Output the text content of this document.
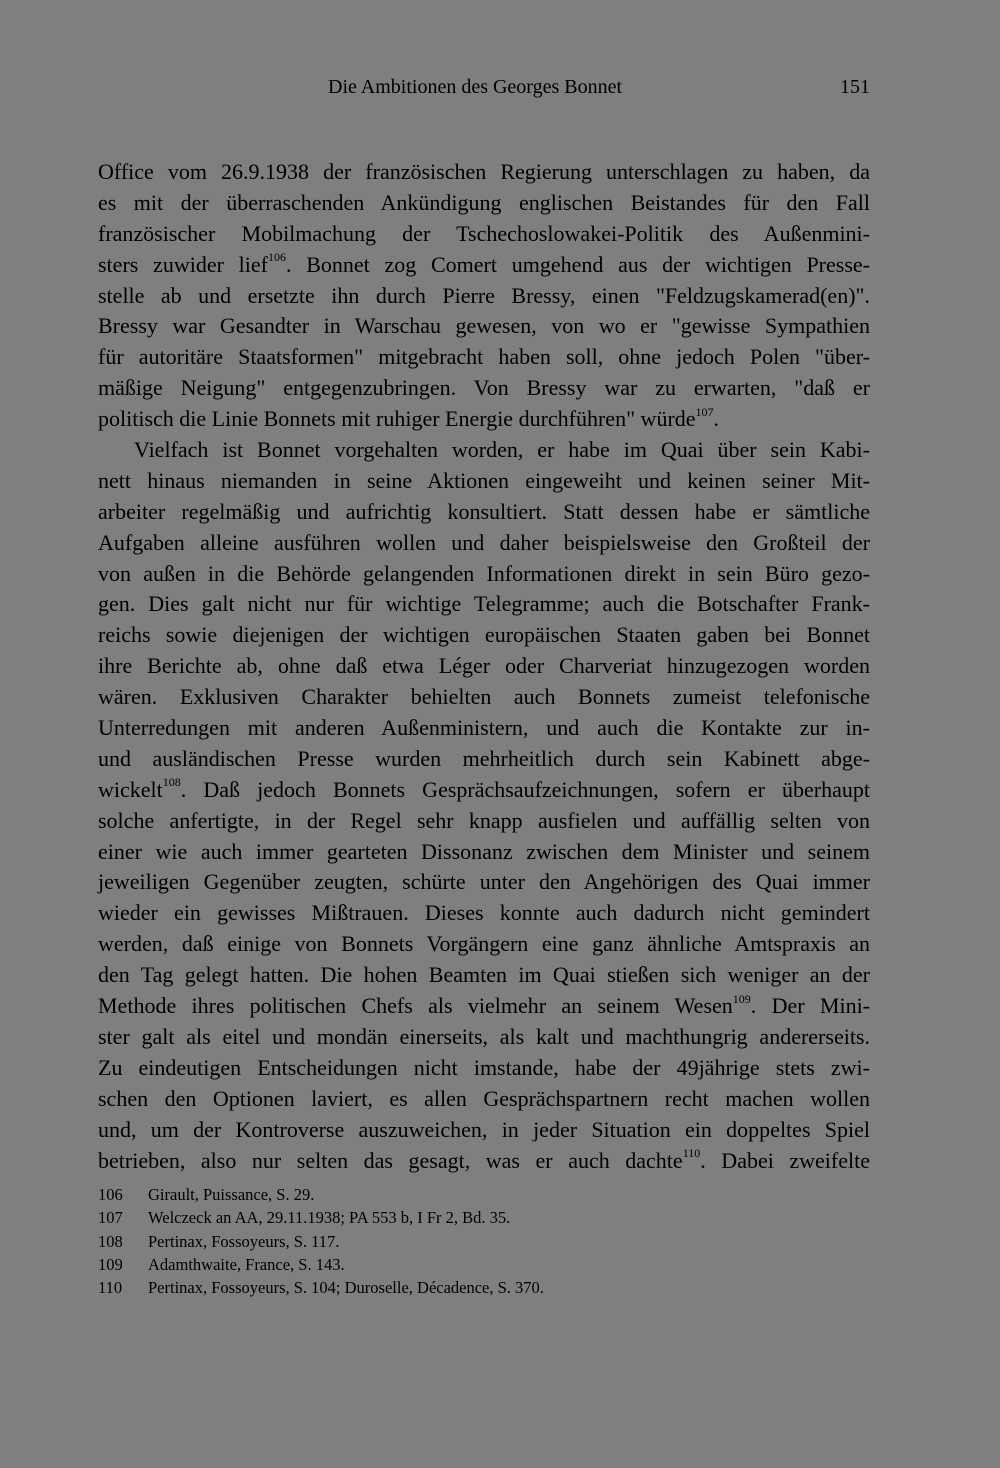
Die Ambitionen des Georges Bonnet	151
Office vom 26.9.1938 der französischen Regierung unterschlagen zu haben, da
es mit der überraschenden Ankündigung englischen Beistandes für den Fall
französischer Mobilmachung der Tschechoslowakei-Politik des Außenmini-
sters zuwider lief$^{106}$. Bonnet zog Comert umgehend aus der wichtigen Presse-
stelle ab und ersetzte ihn durch Pierre Bressy, einen "Feldzugskamerad(en)".
Bressy war Gesandter in Warschau gewesen, von wo er "gewisse Sympathien
für autoritäre Staatsformen" mitgebracht haben soll, ohne jedoch Polen "über-
mäßige Neigung" entgegenzubringen. Von Bressy war zu erwarten, "daß er
politisch die Linie Bonnets mit ruhiger Energie durchführen" würde$^{107}$.
Vielfach ist Bonnet vorgehalten worden, er habe im Quai über sein Kabi-
nett hinaus niemanden in seine Aktionen eingeweiht und keinen seiner Mit-
arbeiter regelmäßig und aufrichtig konsultiert. Statt dessen habe er sämtliche
Aufgaben alleine ausführen wollen und daher beispielsweise den Großteil der
von außen in die Behörde gelangenden Informationen direkt in sein Büro gezo-
gen. Dies galt nicht nur für wichtige Telegramme; auch die Botschafter Frank-
reichs sowie diejenigen der wichtigen europäischen Staaten gaben bei Bonnet
ihre Berichte ab, ohne daß etwa Léger oder Charveriat hinzugezogen worden
wären. Exklusiven Charakter behielten auch Bonnets zumeist telefonische
Unterredungen mit anderen Außenministern, und auch die Kontakte zur in-
und ausländischen Presse wurden mehrheitlich durch sein Kabinett abge-
wickelt$^{108}$. Daß jedoch Bonnets Gesprächsaufzeichnungen, sofern er überhaupt
solche anfertigte, in der Regel sehr knapp ausfielen und auffällig selten von
einer wie auch immer gearteten Dissonanz zwischen dem Minister und seinem
jeweiligen Gegenüber zeugten, schürte unter den Angehörigen des Quai immer
wieder ein gewisses Mißtrauen. Dieses konnte auch dadurch nicht gemindert
werden, daß einige von Bonnets Vorgängern eine ganz ähnliche Amtspraxis an
den Tag gelegt hatten. Die hohen Beamten im Quai stießen sich weniger an der
Methode ihres politischen Chefs als vielmehr an seinem Wesen$^{109}$. Der Mini-
ster galt als eitel und mondän einerseits, als kalt und machthungrig andererseits.
Zu eindeutigen Entscheidungen nicht imstande, habe der 49jährige stets zwi-
schen den Optionen laviert, es allen Gesprächspartnern recht machen wollen
und, um der Kontroverse auszuweichen, in jeder Situation ein doppeltes Spiel
betrieben, also nur selten das gesagt, was er auch dachte$^{110}$. Dabei zweifelte
106	Girault, Puissance, S. 29.
107	Welczeck an AA, 29.11.1938; PA 553 b, I Fr 2, Bd. 35.
108	Pertinax, Fossoyeurs, S. 117.
109	Adamthwaite, France, S. 143.
110	Pertinax, Fossoyeurs, S. 104; Duroselle, Décadence, S. 370.
